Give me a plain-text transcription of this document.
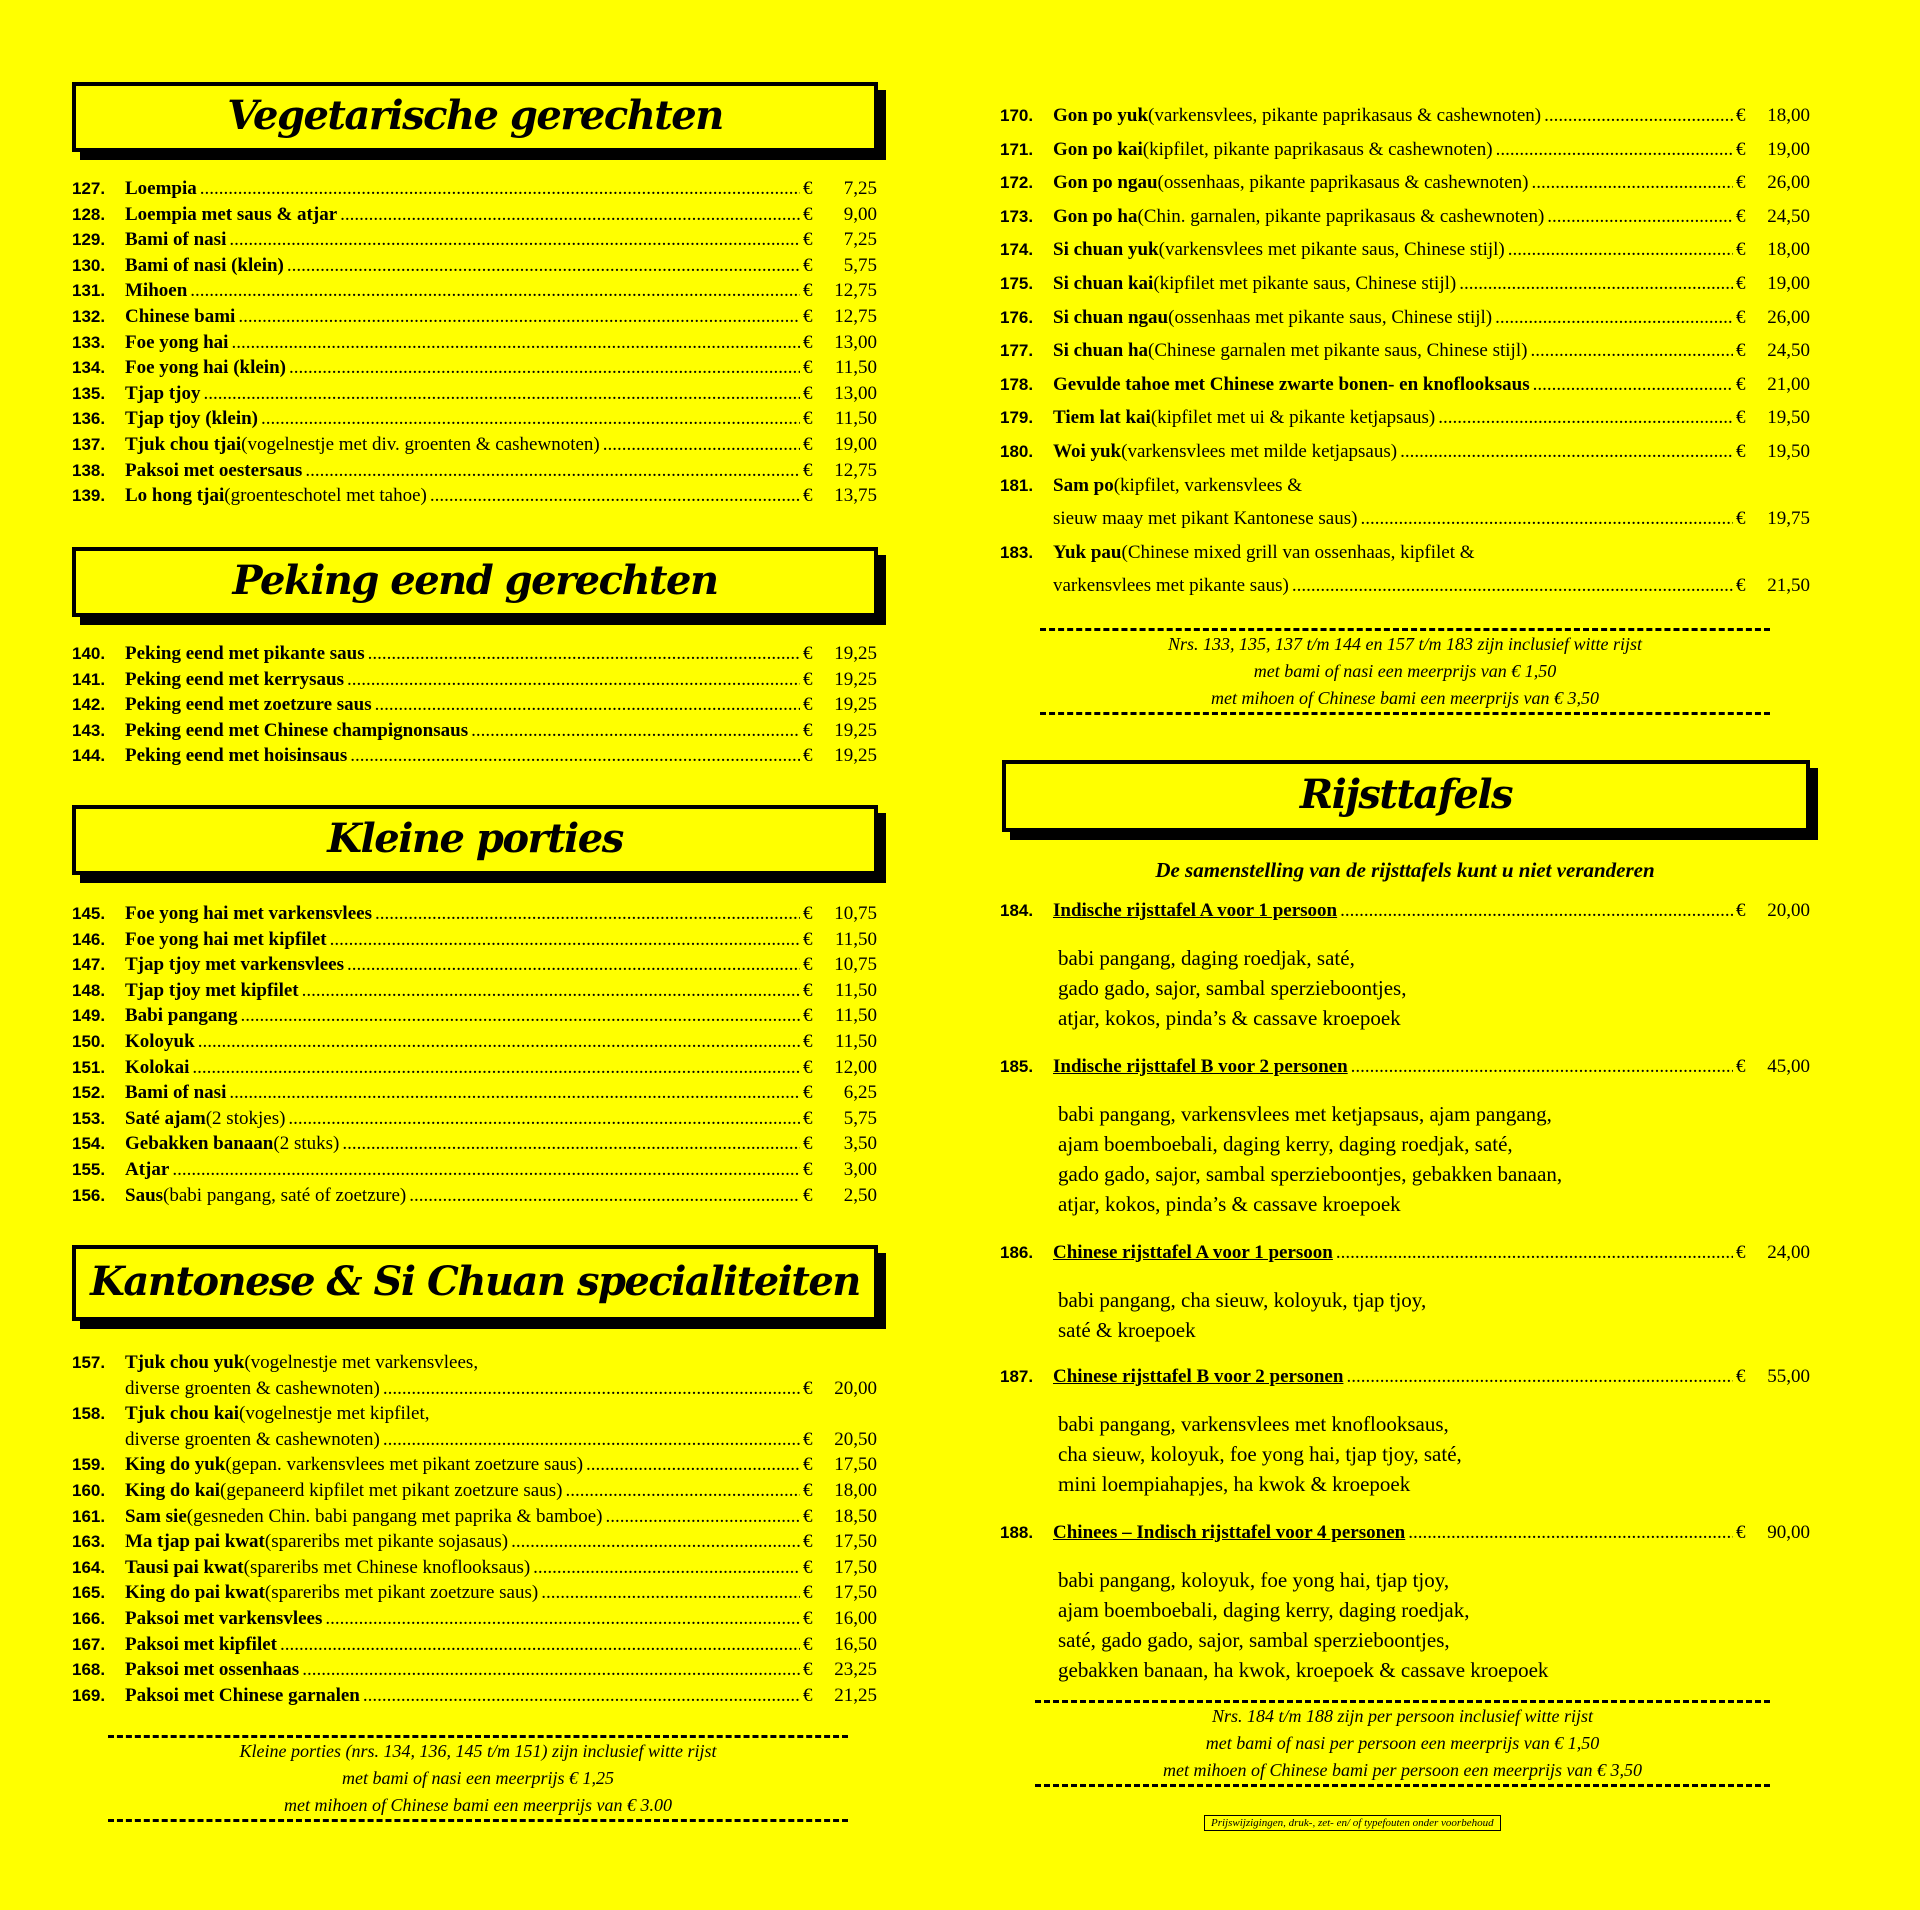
Vegetarische gerechten
127.	Loempia .....	€ 7,25
128.	Loempia met saus & atjar .....	€ 9,00
129.	Bami of nasi .....	€ 7,25
130.	Bami of nasi (klein) .....	€ 5,75
131.	Mihoen .....	€ 12,75
132.	Chinese bami .....	€ 12,75
133.	Foe yong hai .....	€ 13,00
134.	Foe yong hai (klein) .....	€ 11,50
135.	Tjap tjoy .....	€ 13,00
136.	Tjap tjoy (klein) .....	€ 11,50
137.	Tjuk chou tjai (vogelnestje met div. groenten & cashewnoten) .....	€ 19,00
138.	Paksoi met oestersaus .....	€ 12,75
139.	Lo hong tjai (groenteschotel met tahoe) .....	€ 13,75
Peking eend gerechten
140.	Peking eend met pikante saus .....	€ 19,25
141.	Peking eend met kerrysaus .....	€ 19,25
142.	Peking eend met zoetzure saus .....	€ 19,25
143.	Peking eend met Chinese champignonsaus .....	€ 19,25
144.	Peking eend met hoisinsaus .....	€ 19,25
Kleine porties
145.	Foe yong hai met varkensvlees .....	€ 10,75
146.	Foe yong hai met kipfilet .....	€ 11,50
147.	Tjap tjoy met varkensvlees .....	€ 10,75
148.	Tjap tjoy met kipfilet .....	€ 11,50
149.	Babi pangang .....	€ 11,50
150.	Koloyuk .....	€ 11,50
151.	Kolokai .....	€ 12,00
152.	Bami of nasi .....	€ 6,25
153.	Saté ajam (2 stokjes) .....	€ 5,75
154.	Gebakken banaan (2 stuks) .....	€ 3,50
155.	Atjar .....	€ 3,00
156.	Saus (babi pangang, saté of zoetzure) .....	€ 2,50
Kantonese & Si Chuan specialiteiten
157.	Tjuk chou yuk (vogelnestje met varkensvlees,
diverse groenten & cashewnoten) .....	€ 20,00
158.	Tjuk chou kai (vogelnestje met kipfilet,
diverse groenten & cashewnoten) .....	€ 20,50
159.	King do yuk (gepan. varkensvlees met pikant zoetzure saus) .....	€ 17,50
160.	King do kai (gepaneerd kipfilet met pikant zoetzure saus) .....	€ 18,00
161.	Sam sie (gesneden Chin. babi pangang met paprika & bamboe) .....	€ 18,50
163.	Ma tjap pai kwat (spareribs met pikante sojasaus) .....	€ 17,50
164.	Tausi pai kwat (spareribs met Chinese knoflooksaus) .....	€ 17,50
165.	King do pai kwat (spareribs met pikant zoetzure saus) .....	€ 17,50
166.	Paksoi met varkensvlees .....	€ 16,00
167.	Paksoi met kipfilet .....	€ 16,50
168.	Paksoi met ossenhaas .....	€ 23,25
169.	Paksoi met Chinese garnalen .....	€ 21,25
Kleine porties (nrs. 134, 136, 145 t/m 151) zijn inclusief witte rijst
met bami of nasi een meerprijs € 1,25
met mihoen of Chinese bami een meerprijs van € 3.00
170.	Gon po yuk (varkensvlees, pikante paprikasaus & cashewnoten) .....	€ 18,00
171.	Gon po kai (kipfilet, pikante paprikasaus & cashewnoten) .....	€ 19,00
172.	Gon po ngau (ossenhaas, pikante paprikasaus & cashewnoten) .....	€ 26,00
173.	Gon po ha (Chin. garnalen, pikante paprikasaus & cashewnoten) .....	€ 24,50
174.	Si chuan yuk (varkensvlees met pikante saus, Chinese stijl) .....	€ 18,00
175.	Si chuan kai (kipfilet met pikante saus, Chinese stijl) .....	€ 19,00
176.	Si chuan ngau (ossenhaas met pikante saus, Chinese stijl) .....	€ 26,00
177.	Si chuan ha (Chinese garnalen met pikante saus, Chinese stijl) .....	€ 24,50
178.	Gevulde tahoe met Chinese zwarte bonen- en knoflooksaus .....	€ 21,00
179.	Tiem lat kai (kipfilet met ui & pikante ketjapsaus) .....	€ 19,50
180.	Woi yuk (varkensvlees met milde ketjapsaus) .....	€ 19,50
181.	Sam po (kipfilet, varkensvlees &
sieuw maay met pikant Kantonese saus) .....	€ 19,75
183.	Yuk pau (Chinese mixed grill van ossenhaas, kipfilet &
varkensvlees met pikante saus) .....	€ 21,50
Nrs. 133, 135, 137 t/m 144 en 157 t/m 183 zijn inclusief witte rijst
met bami of nasi een meerprijs van € 1,50
met mihoen of Chinese bami een meerprijs van € 3,50
Rijsttafels
De samenstelling van de rijsttafels kunt u niet veranderen
184.	Indische rijsttafel A voor 1 persoon .....	€ 20,00
babi pangang, daging roedjak, saté,
gado gado, sajor, sambal sperzieboontjes,
atjar, kokos, pinda’s & cassave kroepoek
185.	Indische rijsttafel B voor 2 personen .....	€ 45,00
babi pangang, varkensvlees met ketjapsaus, ajam pangang,
ajam boemboebali, daging kerry, daging roedjak, saté,
gado gado, sajor, sambal sperzieboontjes, gebakken banaan,
atjar, kokos, pinda’s & cassave kroepoek
186.	Chinese rijsttafel A voor 1 persoon .....	€ 24,00
babi pangang, cha sieuw, koloyuk, tjap tjoy,
saté & kroepoek
187.	Chinese rijsttafel B voor 2 personen .....	€ 55,00
babi pangang, varkensvlees met knoflooksaus,
cha sieuw, koloyuk, foe yong hai, tjap tjoy, saté,
mini loempiahapjes, ha kwok & kroepoek
188.	Chinees – Indisch rijsttafel voor 4 personen .....	€ 90,00
babi pangang, koloyuk, foe yong hai, tjap tjoy,
ajam boemboebali, daging kerry, daging roedjak,
saté, gado gado, sajor, sambal sperzieboontjes,
gebakken banaan, ha kwok, kroepoek & cassave kroepoek
Nrs. 184 t/m 188 zijn per persoon inclusief witte rijst
met bami of nasi per persoon een meerprijs van € 1,50
met mihoen of Chinese bami per persoon een meerprijs van € 3,50
Prijswijzigingen, druk-, zet- en/ of typefouten onder voorbehoud
